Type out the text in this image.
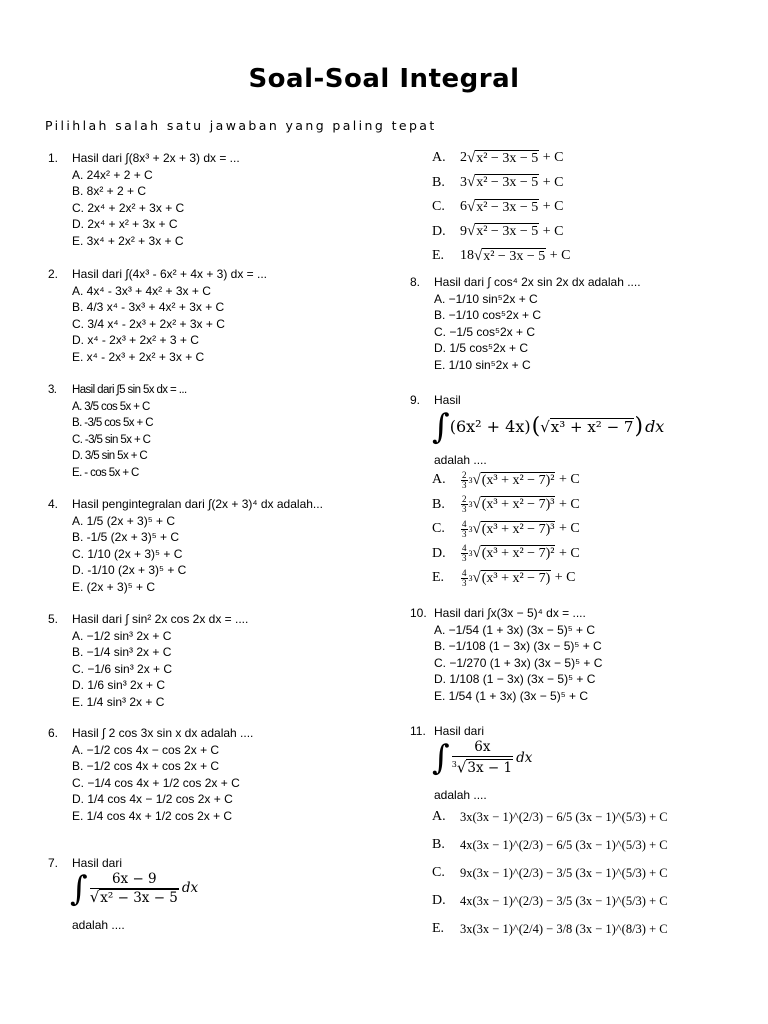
Soal-Soal Integral
Pilihlah salah satu jawaban yang paling tepat
1. Hasil dari ∫(8x³ + 2x + 3) dx = ...
A. 24x² + 2 + C
B. 8x² + 2 + C
C. 2x⁴ + 2x² + 3x + C
D. 2x⁴ + x² + 3x + C
E. 3x⁴ + 2x² + 3x + C
2. Hasil dari ∫(4x³ - 6x² + 4x + 3) dx = ...
A. 4x⁴ - 3x³ + 4x² + 3x + C
B. 4/3 x⁴ - 3x³ + 4x² + 3x + C
C. 3/4 x⁴ - 2x³ + 2x² + 3x + C
D. x⁴ - 2x³ + 2x² + 3 + C
E. x⁴ - 2x³ + 2x² + 3x + C
3. Hasil dari ∫5 sin 5x dx = ...
A. 3/5 cos 5x + C
B. -3/5 cos 5x + C
C. -3/5 sin 5x + C
D. 3/5 sin 5x + C
E. - cos 5x + C
4. Hasil pengintegralan dari ∫(2x + 3)⁴ dx adalah...
A. 1/5 (2x + 3)⁵ + C
B. -1/5 (2x + 3)⁵ + C
C. 1/10 (2x + 3)⁵ + C
D. -1/10 (2x + 3)⁵ + C
E. (2x + 3)⁵ + C
5. Hasil dari ∫ sin² 2x cos 2x dx = ....
A. −1/2 sin³ 2x + C
B. −1/4 sin³ 2x + C
C. −1/6 sin³ 2x + C
D. 1/6 sin³ 2x + C
E. 1/4 sin³ 2x + C
6. Hasil ∫ 2 cos 3x sin x dx adalah ....
A. −1/2 cos 4x − cos 2x + C
B. −1/2 cos 4x + cos 2x + C
C. −1/4 cos 4x + 1/2 cos 2x + C
D. 1/4 cos 4x − 1/2 cos 2x + C
E. 1/4 cos 4x + 1/2 cos 2x + C
7. Hasil dari
∫ $\frac{6x - 9}{\text{√x² − 3x − 5}}$ dx
adalah ....
A.	2 √ x² − 3x − 5
+ C
B.	3 √ x² − 3x − 5
+ C
C.	6 √ x² − 3x − 5
+ C
D.	9 √ x² − 3x − 5
+ C
E.	18 √ x² − 3x − 5
+ C
8. Hasil dari ∫ cos⁴ 2x sin 2x dx adalah ....
A. −1/10 sin⁵2x + C
B. −1/10 cos⁵2x + C
C. −1/5 cos⁵2x + C
D. 1/5 cos⁵2x + C
E. 1/10 sin⁵2x + C
9. Hasil
∫ (6x² + 4x) ( √ x³ + x² − 7 ) dx
adalah ....
A.	$\frac{2}{3} 3$ √ (x³ + x² − 7)²
+ C
B.	$\frac{2}{3} 3$ √ (x³ + x² − 7)³
+ C
C.	$\frac{4}{3} 3$ √ (x³ + x² − 7)³
+ C
D.	$\frac{4}{3} 3$ √ (x³ + x² − 7)²
+ C
E.	$\frac{4}{3} 3$ √ (x³ + x² − 7)
+ C
10. Hasil dari ∫x(3x − 5)⁴ dx = ....
A. −1/54 (1 + 3x) (3x − 5)⁵ + C
B. −1/108 (1 − 3x) (3x − 5)⁵ + C
C. −1/270 (1 + 3x) (3x − 5)⁵ + C
D. 1/108 (1 − 3x) (3x − 5)⁵ + C
E. 1/54 (1 + 3x) (3x − 5)⁵ + C
11. Hasil dari
∫ $\frac{6x}{^3√3x - 1}$ dx
adalah ....
A.	3x(3x − 1)^(2/3) − 6/5 (3x − 1)^(5/3) + C
B.	4x(3x − 1)^(2/3) − 6/5 (3x − 1)^(5/3) + C
C.	9x(3x − 1)^(2/3) − 3/5 (3x − 1)^(5/3) + C
D.	4x(3x − 1)^(2/3) − 3/5 (3x − 1)^(5/3) + C
E.	3x(3x − 1)^(2/4) − 3/8 (3x − 1)^(8/3) + C
